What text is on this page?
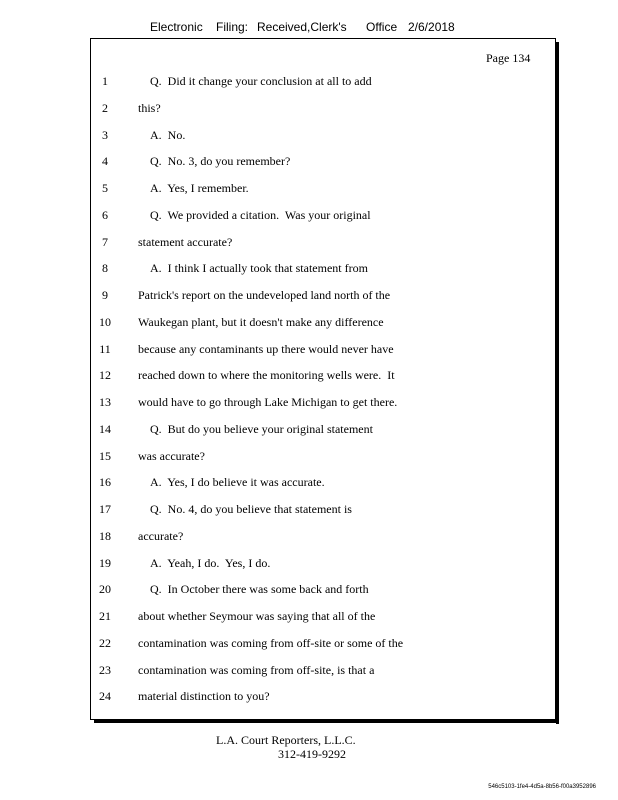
Electronic Filing: Received,Clerk's Office 2/6/2018
Page 134
1	Q.  Did it change your conclusion at all to add
2	this?
3	A.  No.
4	Q.  No. 3, do you remember?
5	A.  Yes, I remember.
6	Q.  We provided a citation.  Was your original
7	statement accurate?
8	A.  I think I actually took that statement from
9	Patrick's report on the undeveloped land north of the
10	Waukegan plant, but it doesn't make any difference
11	because any contaminants up there would never have
12	reached down to where the monitoring wells were.  It
13	would have to go through Lake Michigan to get there.
14	Q.  But do you believe your original statement
15	was accurate?
16	A.  Yes, I do believe it was accurate.
17	Q.  No. 4, do you believe that statement is
18	accurate?
19	A.  Yeah, I do.  Yes, I do.
20	Q.  In October there was some back and forth
21	about whether Seymour was saying that all of the
22	contamination was coming from off-site or some of the
23	contamination was coming from off-site, is that a
24	material distinction to you?
L.A. Court Reporters, L.L.C.
312-419-9292
546c5103-1fe4-4d5a-8b56-f00a3952896
